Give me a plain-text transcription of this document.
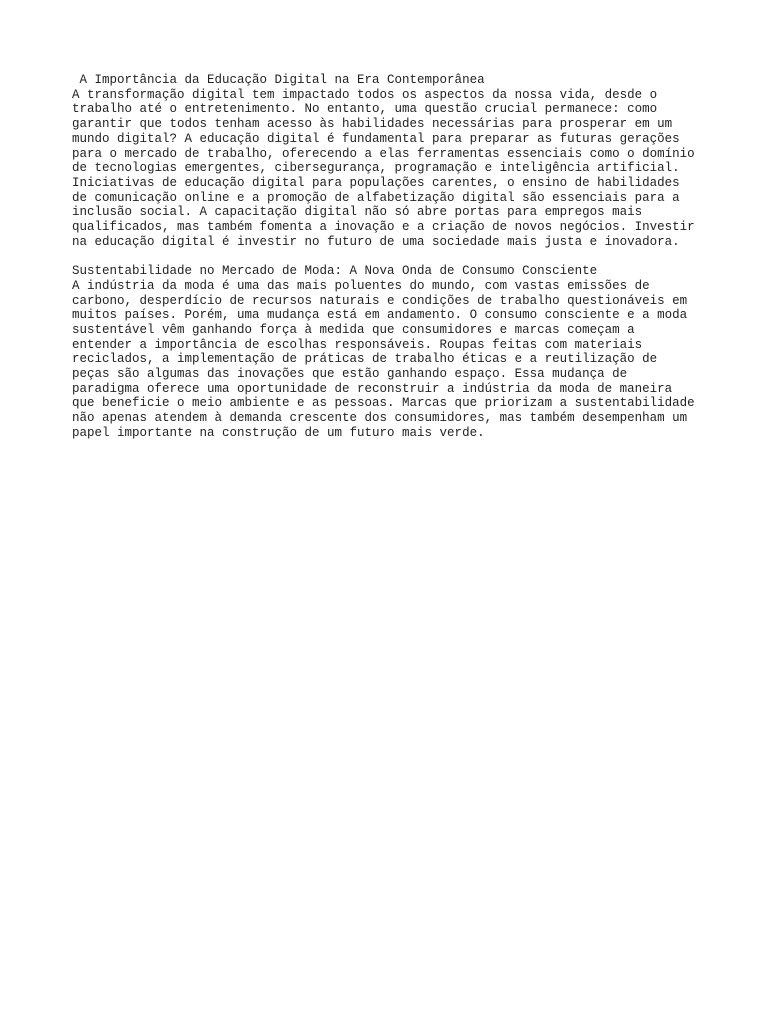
A Importância da Educação Digital na Era Contemporânea
A transformação digital tem impactado todos os aspectos da nossa vida, desde o
trabalho até o entretenimento. No entanto, uma questão crucial permanece: como
garantir que todos tenham acesso às habilidades necessárias para prosperar em um
mundo digital? A educação digital é fundamental para preparar as futuras gerações
para o mercado de trabalho, oferecendo a elas ferramentas essenciais como o domínio
de tecnologias emergentes, cibersegurança, programação e inteligência artificial.
Iniciativas de educação digital para populações carentes, o ensino de habilidades
de comunicação online e a promoção de alfabetização digital são essenciais para a
inclusão social. A capacitação digital não só abre portas para empregos mais
qualificados, mas também fomenta a inovação e a criação de novos negócios. Investir
na educação digital é investir no futuro de uma sociedade mais justa e inovadora.
Sustentabilidade no Mercado de Moda: A Nova Onda de Consumo Consciente
A indústria da moda é uma das mais poluentes do mundo, com vastas emissões de
carbono, desperdício de recursos naturais e condições de trabalho questionáveis em
muitos países. Porém, uma mudança está em andamento. O consumo consciente e a moda
sustentável vêm ganhando força à medida que consumidores e marcas começam a
entender a importância de escolhas responsáveis. Roupas feitas com materiais
reciclados, a implementação de práticas de trabalho éticas e a reutilização de
peças são algumas das inovações que estão ganhando espaço. Essa mudança de
paradigma oferece uma oportunidade de reconstruir a indústria da moda de maneira
que beneficie o meio ambiente e as pessoas. Marcas que priorizam a sustentabilidade
não apenas atendem à demanda crescente dos consumidores, mas também desempenham um
papel importante na construção de um futuro mais verde.
